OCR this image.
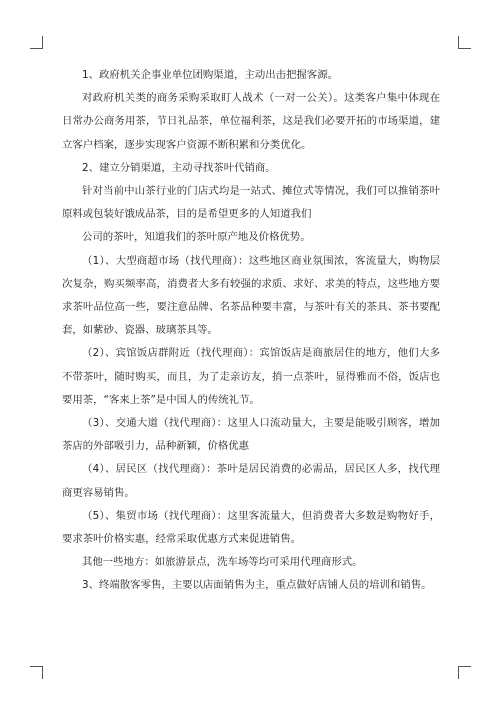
1、政府机关企事业单位团购渠道，主动出击把握客源。

对政府机关类的商务采购采取盯人战术（一对一公关）。这类客户集中体现在日常办公商务用茶，节日礼品茶，单位福利茶，这是我们必要开拓的市场渠道，建立客户档案，逐步实现客户资源不断积累和分类优化。

2、建立分销渠道，主动寻找茶叶代销商。

针对当前中山茶行业的门店式均是一站式、摊位式等情况，我们可以推销茶叶原料或包装好饿成品茶，目的是希望更多的人知道我们

公司的茶叶，知道我们的茶叶原产地及价格优势。

（1）、大型商超市场（找代理商）：这些地区商业氛围浓，客流量大，购物层次复杂，购买频率高，消费者大多有较强的求质、求好、求美的特点，这些地方要求茶叶品位高一些，要注意品牌、名茶品种要丰富，与茶叶有关的茶具、茶书要配套，如紫砂、瓷器、玻璃茶具等。

（2）、宾馆饭店群附近（找代理商）：宾馆饭店是商旅居住的地方，他们大多不带茶叶，随时购买，而且，为了走亲访友，捎一点茶叶，显得雅而不俗，饭店也要用茶，“客来上茶”是中国人的传统礼节。

（3）、交通大道（找代理商）：这里人口流动量大，主要是能吸引顾客，增加茶店的外部吸引力，品种新颖，价格优惠

（4）、居民区（找代理商）：茶叶是居民消费的必需品，居民区人多，找代理商更容易销售。

（5）、集贸市场（找代理商）：这里客流量大，但消费者大多数是购物好手，要求茶叶价格实惠，经常采取优惠方式来促进销售。

其他一些地方：如旅游景点，洗车场等均可采用代理商形式。

3、终端散客零售，主要以店面销售为主，重点做好店铺人员的培训和销售。
